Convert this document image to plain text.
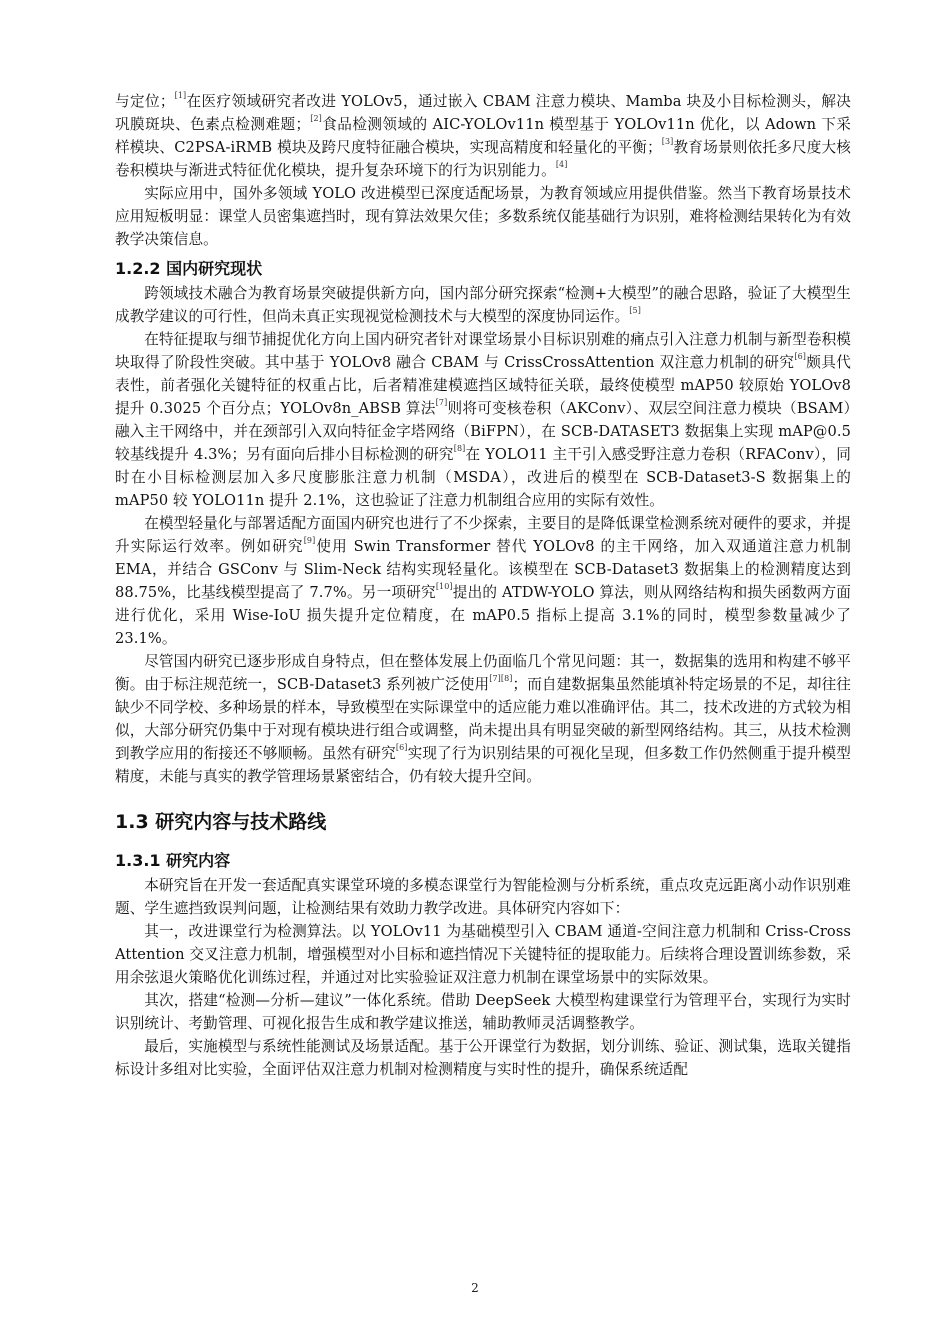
与定位；[1]在医疗领域研究者改进 YOLOv5，通过嵌入 CBAM 注意力模块、Mamba 块及小目标检测头，解决巩膜斑块、色素点检测难题；[2]食品检测领域的 AIC-YOLOv11n 模型基于 YOLOv11n 优化，以 Adown 下采样模块、C2PSA-iRMB 模块及跨尺度特征融合模块，实现高精度和轻量化的平衡；[3]教育场景则依托多尺度大核卷积模块与渐进式特征优化模块，提升复杂环境下的行为识别能力。[4]

实际应用中，国外多领域 YOLO 改进模型已深度适配场景，为教育领域应用提供借鉴。然当下教育场景技术应用短板明显：课堂人员密集遮挡时，现有算法效果欠佳；多数系统仅能基础行为识别，难将检测结果转化为有效教学决策信息。

1.2.2 国内研究现状

跨领域技术融合为教育场景突破提供新方向，国内部分研究探索“检测+大模型”的融合思路，验证了大模型生成教学建议的可行性，但尚未真正实现视觉检测技术与大模型的深度协同运作。[5]

在特征提取与细节捕捉优化方向上国内研究者针对课堂场景小目标识别难的痛点引入注意力机制与新型卷积模块取得了阶段性突破。其中基于 YOLOv8 融合 CBAM 与 CrissCrossAttention 双注意力机制的研究[6]颇具代表性，前者强化关键特征的权重占比，后者精准建模遮挡区域特征关联，最终使模型 mAP50 较原始 YOLOv8 提升 0.3025 个百分点；YOLOv8n_ABSB 算法[7]则将可变核卷积（AKConv）、双层空间注意力模块（BSAM）融入主干网络中，并在颈部引入双向特征金字塔网络（BiFPN），在 SCB-DATASET3 数据集上实现 mAP@0.5 较基线提升 4.3%；另有面向后排小目标检测的研究[8]在 YOLO11 主干引入感受野注意力卷积（RFAConv），同时在小目标检测层加入多尺度膨胀注意力机制（MSDA），改进后的模型在 SCB-Dataset3-S 数据集上的 mAP50 较 YOLO11n 提升 2.1%，这也验证了注意力机制组合应用的实际有效性。

在模型轻量化与部署适配方面国内研究也进行了不少探索，主要目的是降低课堂检测系统对硬件的要求，并提升实际运行效率。例如研究[9]使用 Swin Transformer 替代 YOLOv8 的主干网络，加入双通道注意力机制 EMA，并结合 GSConv 与 Slim-Neck 结构实现轻量化。该模型在 SCB-Dataset3 数据集上的检测精度达到 88.75%，比基线模型提高了 7.7%。另一项研究[10]提出的 ATDW-YOLO 算法，则从网络结构和损失函数两方面进行优化，采用 Wise-IoU 损失提升定位精度，在 mAP0.5 指标上提高 3.1%的同时，模型参数量减少了 23.1%。

尽管国内研究已逐步形成自身特点，但在整体发展上仍面临几个常见问题：其一，数据集的选用和构建不够平衡。由于标注规范统一，SCB-Dataset3 系列被广泛使用[7][8]；而自建数据集虽然能填补特定场景的不足，却往往缺少不同学校、多种场景的样本，导致模型在实际课堂中的适应能力难以准确评估。其二，技术改进的方式较为相似，大部分研究仍集中于对现有模块进行组合或调整，尚未提出具有明显突破的新型网络结构。其三，从技术检测到教学应用的衔接还不够顺畅。虽然有研究[6]实现了行为识别结果的可视化呈现，但多数工作仍然侧重于提升模型精度，未能与真实的教学管理场景紧密结合，仍有较大提升空间。

1.3 研究内容与技术路线
1.3.1 研究内容

本研究旨在开发一套适配真实课堂环境的多模态课堂行为智能检测与分析系统，重点攻克远距离小动作识别难题、学生遮挡致误判问题，让检测结果有效助力教学改进。具体研究内容如下：

其一，改进课堂行为检测算法。以 YOLOv11 为基础模型引入 CBAM 通道-空间注意力机制和 Criss-Cross Attention 交叉注意力机制，增强模型对小目标和遮挡情况下关键特征的提取能力。后续将合理设置训练参数，采用余弦退火策略优化训练过程，并通过对比实验验证双注意力机制在课堂场景中的实际效果。

其次，搭建“检测—分析—建议”一体化系统。借助 DeepSeek 大模型构建课堂行为管理平台，实现行为实时识别统计、考勤管理、可视化报告生成和教学建议推送，辅助教师灵活调整教学。

最后，实施模型与系统性能测试及场景适配。基于公开课堂行为数据，划分训练、验证、测试集，选取关键指标设计多组对比实验，全面评估双注意力机制对检测精度与实时性的提升，确保系统适配

2
